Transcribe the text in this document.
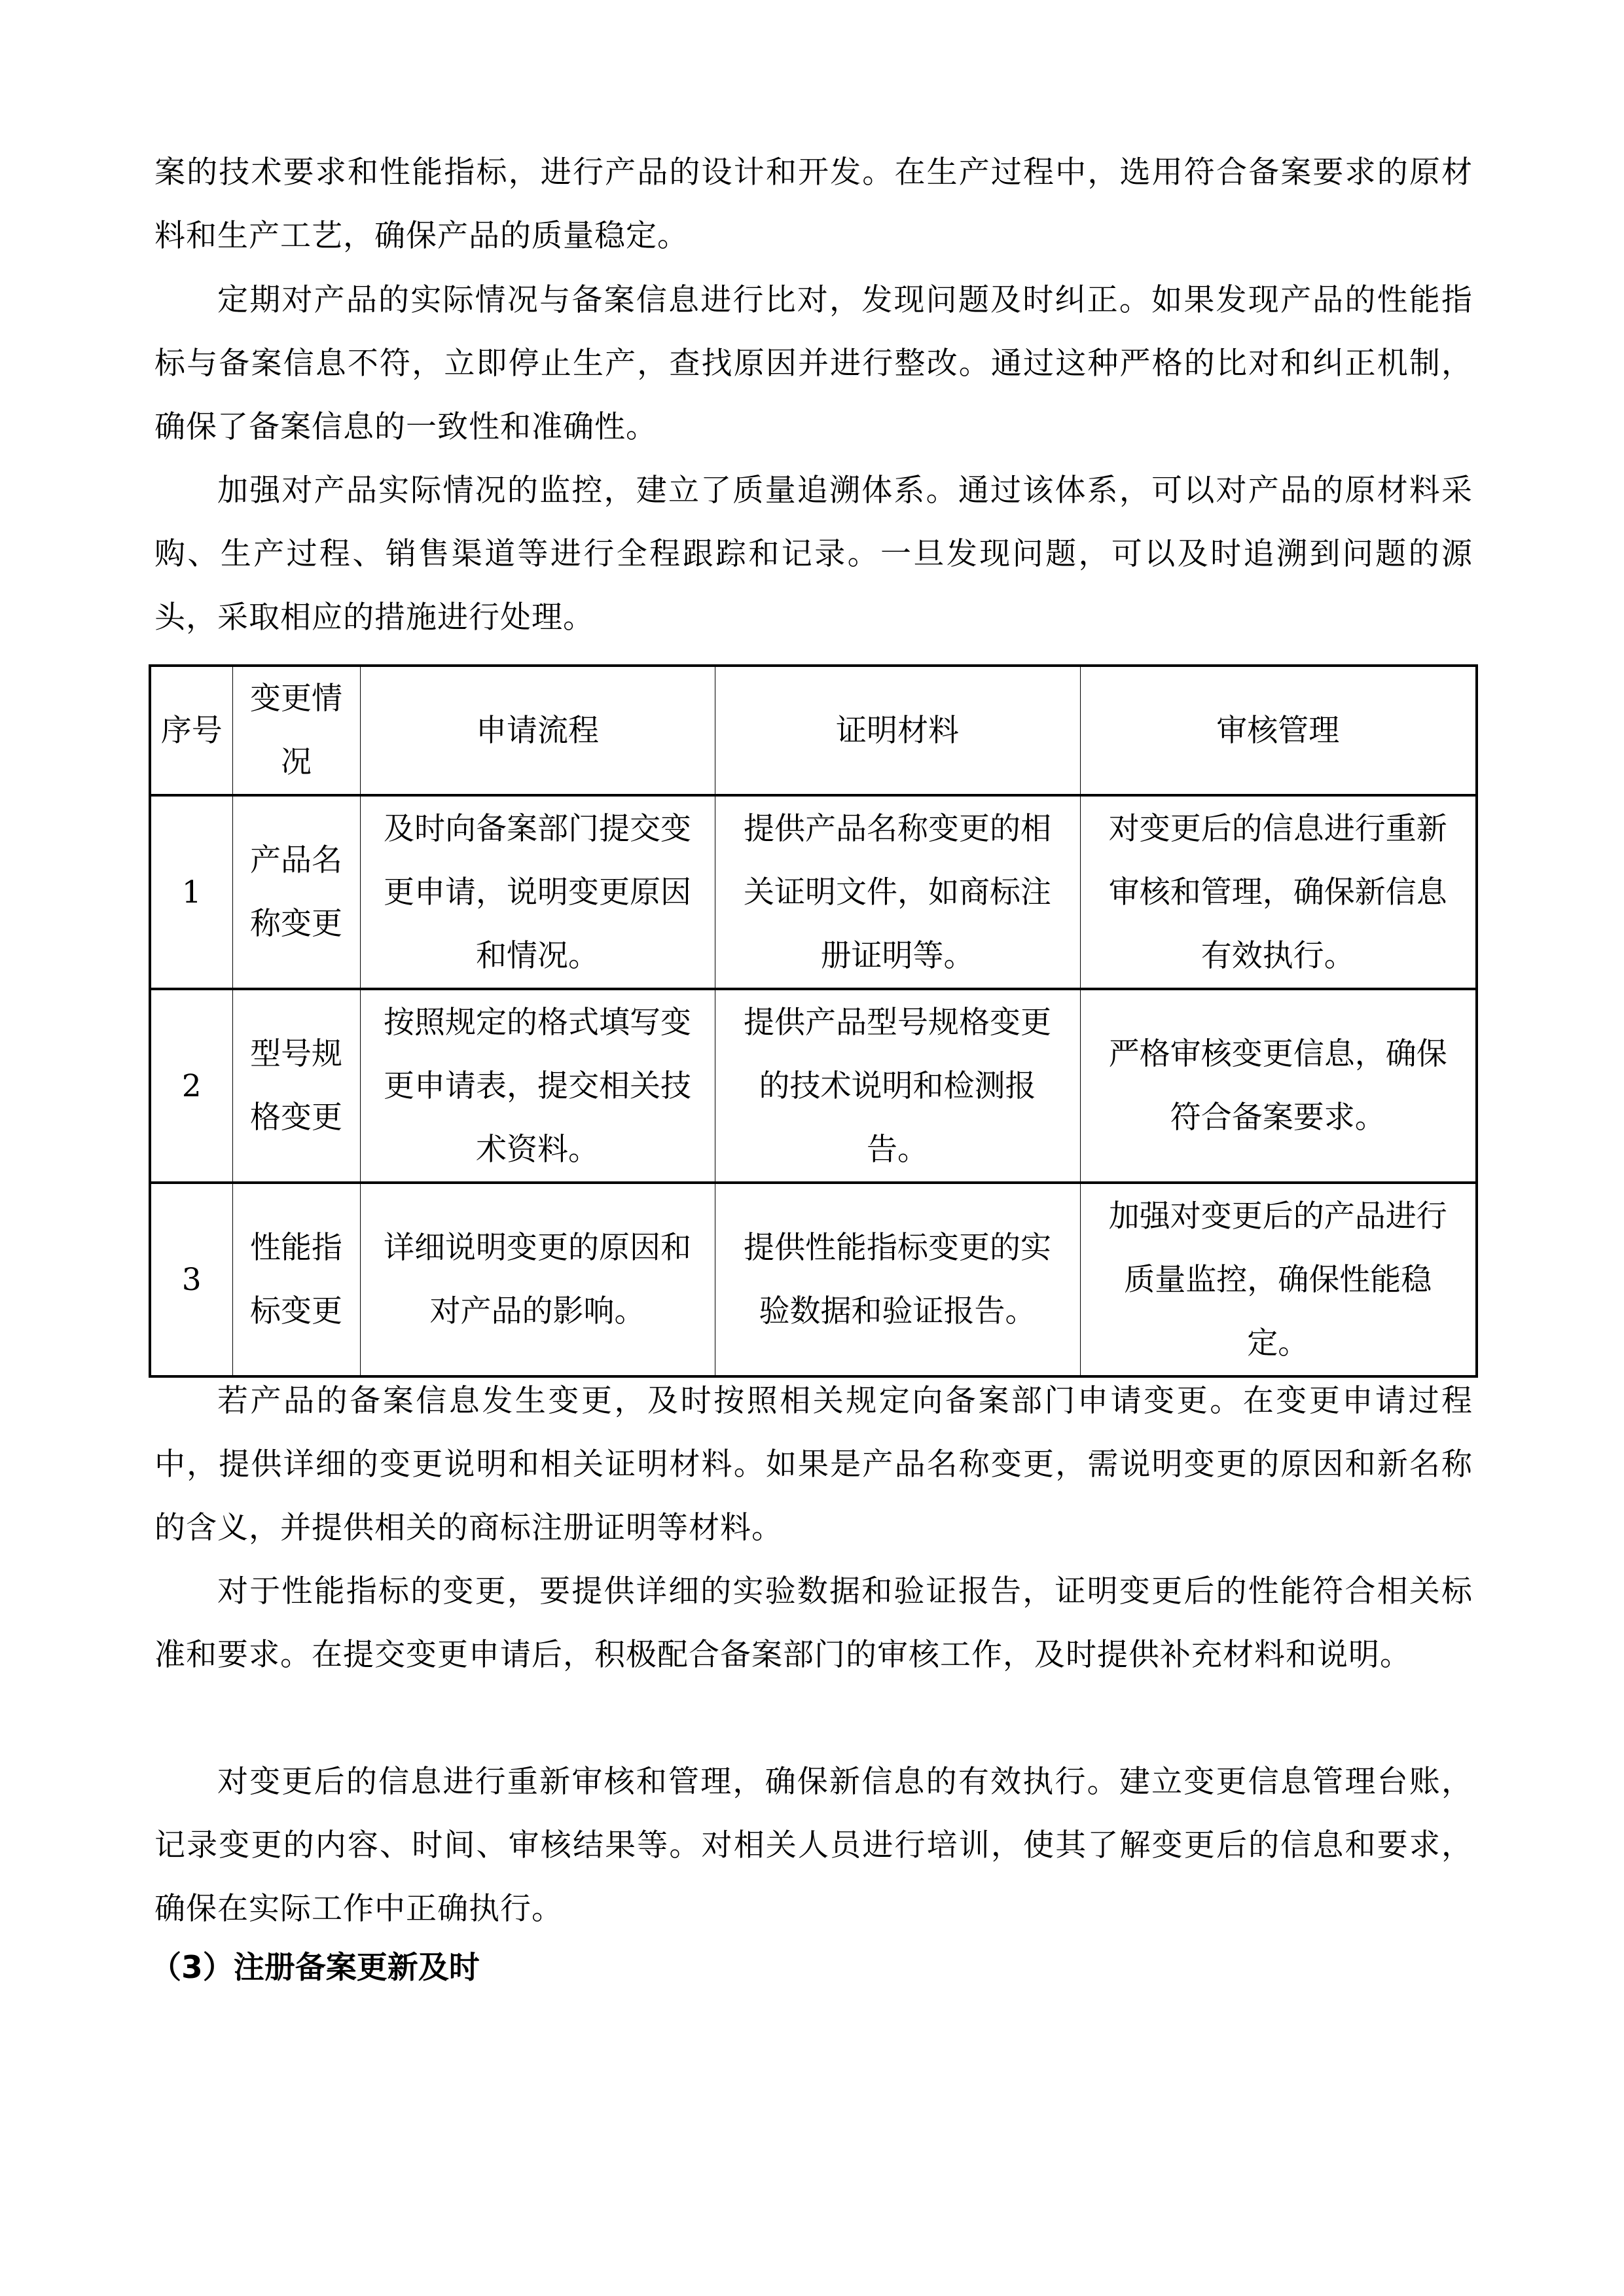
案的技术要求和性能指标，进行产品的设计和开发。在生产过程中，选用符合备案要求的原材料和生产工艺，确保产品的质量稳定。

定期对产品的实际情况与备案信息进行比对，发现问题及时纠正。如果发现产品的性能指标与备案信息不符，立即停止生产，查找原因并进行整改。通过这种严格的比对和纠正机制，确保了备案信息的一致性和准确性。

加强对产品实际情况的监控，建立了质量追溯体系。通过该体系，可以对产品的原材料采购、生产过程、销售渠道等进行全程跟踪和记录。一旦发现问题，可以及时追溯到问题的源头，采取相应的措施进行处理。

序号	变更情况	申请流程	证明材料	审核管理
1	产品名称变更	及时向备案部门提交变更申请，说明变更原因和情况。	提供产品名称变更的相关证明文件，如商标注册证明等。	对变更后的信息进行重新审核和管理，确保新信息有效执行。
2	型号规格变更	按照规定的格式填写变更申请表，提交相关技术资料。	提供产品型号规格变更的技术说明和检测报告。	严格审核变更信息，确保符合备案要求。
3	性能指标变更	详细说明变更的原因和对产品的影响。	提供性能指标变更的实验数据和验证报告。	加强对变更后的产品进行质量监控，确保性能稳定。

若产品的备案信息发生变更，及时按照相关规定向备案部门申请变更。在变更申请过程中，提供详细的变更说明和相关证明材料。如果是产品名称变更，需说明变更的原因和新名称的含义，并提供相关的商标注册证明等材料。

对于性能指标的变更，要提供详细的实验数据和验证报告，证明变更后的性能符合相关标准和要求。在提交变更申请后，积极配合备案部门的审核工作，及时提供补充材料和说明。

对变更后的信息进行重新审核和管理，确保新信息的有效执行。建立变更信息管理台账，记录变更的内容、时间、审核结果等。对相关人员进行培训，使其了解变更后的信息和要求，确保在实际工作中正确执行。

（3）注册备案更新及时
